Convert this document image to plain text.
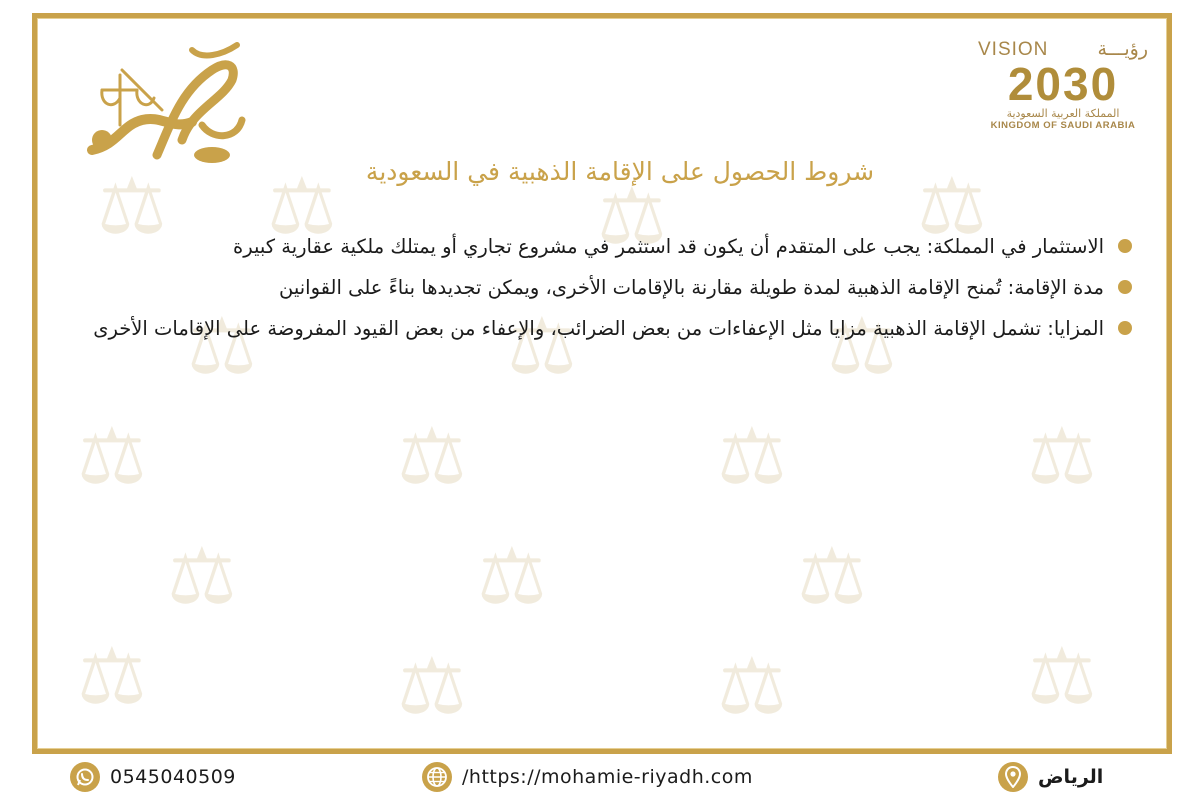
⚖ ⚖	⚖	⚖
⚖	⚖	⚖
⚖	⚖	⚖	⚖
⚖	⚖	⚖
⚖	⚖	⚖	⚖
VISION	رؤيـــة
2030
المملكة العربية السعودية
KINGDOM OF SAUDI ARABIA
شروط الحصول على الإقامة الذهبية في السعودية
الاستثمار في المملكة: يجب على المتقدم أن يكون قد استثمر في مشروع تجاري أو يمتلك ملكية عقارية كبيرة
مدة الإقامة: تُمنح الإقامة الذهبية لمدة طويلة مقارنة بالإقامات الأخرى، ويمكن تجديدها بناءً على القوانين
المزايا: تشمل الإقامة الذهبية مزايا مثل الإعفاءات من بعض الضرائب، والإعفاء من بعض القيود المفروضة على الإقامات الأخرى
0545040509	/https://mohamie-riyadh.com	الرياض
